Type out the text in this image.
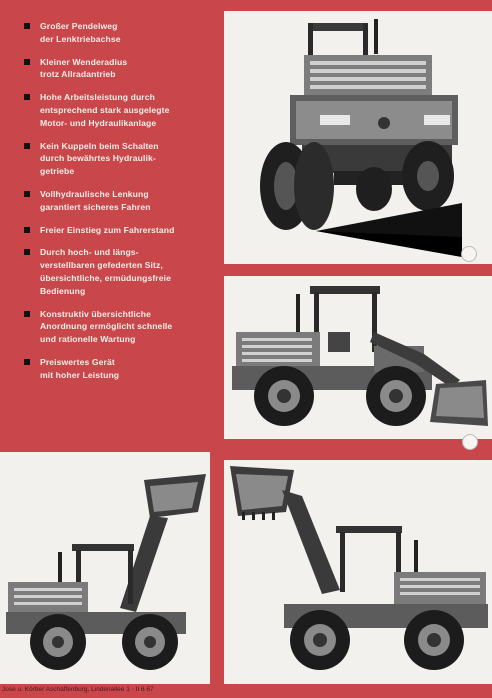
Großer Pendelweg
der Lenktriebachse
Kleiner Wenderadius
trotz Allradantrieb
Hohe Arbeitsleistung durch
entsprechend stark ausgelegte
Motor- und Hydraulikanlage
Kein Kuppeln beim Schalten
durch bewährtes Hydraulik-
getriebe
Vollhydraulische Lenkung
garantiert sicheres Fahren
Freier Einstieg zum Fahrerstand
Durch hoch- und längs-
verstellbaren gefederten Sitz,
übersichtliche, ermüdungsfreie
Bedienung
Konstruktiv übersichtliche
Anordnung ermöglicht schnelle
und rationelle Wartung
Preiswertes Gerät
mit hoher Leistung
Jose u. Körber Aschaffenburg, Lindenallee 1 · II 6 67
